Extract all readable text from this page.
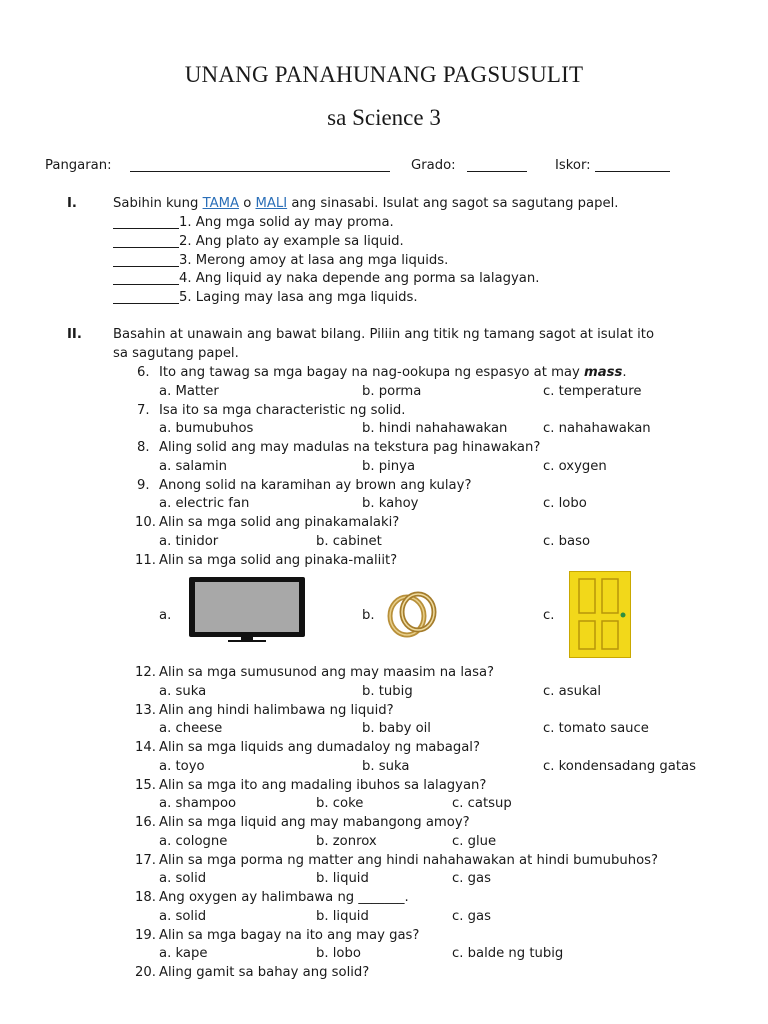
UNANG PANAHUNANG PAGSUSULIT
sa Science 3
Pangaran:	Grado:	Iskor:
I.	Sabihin kung TAMA o MALI ang sinasabi. Isulat ang sagot sa sagutang papel.
1. Ang mga solid ay may proma.
2. Ang plato ay example sa liquid.
3. Merong amoy at lasa ang mga liquids.
4. Ang liquid ay naka depende ang porma sa lalagyan.
5. Laging may lasa ang mga liquids.
II. Basahin at unawain ang bawat bilang. Piliin ang titik ng tamang sagot at isulat ito
sa sagutang papel.
6. Ito ang tawag sa mga bagay na nag-ookupa ng espasyo at may mass.
a. Matter	b. porma	c. temperature
7. Isa ito sa mga characteristic ng solid.
a. bumubuhos	b. hindi nahahawakan	c. nahahawakan
8. Aling solid ang may madulas na tekstura pag hinawakan?
a. salamin	b. pinya	c. oxygen
9. Anong solid na karamihan ay brown ang kulay?
a. electric fan	b. kahoy	c. lobo
10. Alin sa mga solid ang pinakamalaki?
a. tinidor	b. cabinet	c. baso
11. Alin sa mga solid ang pinaka-maliit?
a.	b.	c.
12. Alin sa mga sumusunod ang may maasim na lasa?
a. suka	b. tubig	c. asukal
13. Alin ang hindi halimbawa ng liquid?
a. cheese	b. baby oil	c. tomato sauce
14. Alin sa mga liquids ang dumadaloy ng mabagal?
a. toyo	b. suka	c. kondensadang gatas
15. Alin sa mga ito ang madaling ibuhos sa lalagyan?
a. shampoo	b. coke	c. catsup
16. Alin sa mga liquid ang may mabangong amoy?
a. cologne	b. zonrox	c. glue
17. Alin sa mga porma ng matter ang hindi nahahawakan at hindi bumubuhos?
a. solid	b. liquid	c. gas
18. Ang oxygen ay halimbawa ng _______.
a. solid	b. liquid	c. gas
19. Alin sa mga bagay na ito ang may gas?
a. kape	b. lobo	c. balde ng tubig
20. Aling gamit sa bahay ang solid?
